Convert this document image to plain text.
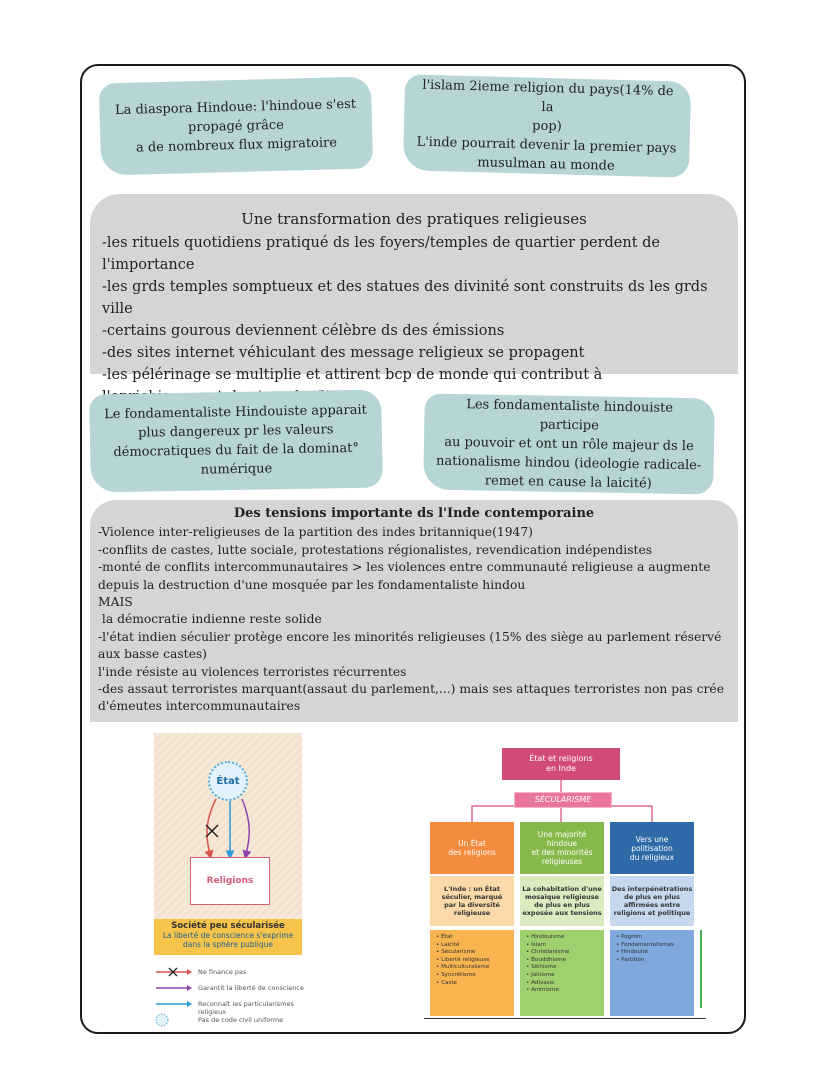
La diaspora Hindoue: l'hindoue s'est
propagé grâce
a de nombreux flux migratoire
l'islam 2ieme religion du pays(14% de la
pop)
L'inde pourrait devenir la premier pays
musulman au monde
Une transformation des pratiques religieuses
-les rituels quotidiens pratiqué ds les foyers/temples de quartier perdent de l'importance
-les grds temples somptueux et des statues des divinité sont construits ds les grds ville
-certains gourous deviennent célèbre ds des émissions
-des sites internet véhiculant des message religieux se propagent
-les pélérinage se multiplie et attirent bcp de monde qui contribut à
Le fondamentaliste Hindouiste apparait
plus dangereux pr les valeurs
démocratiques du fait de la dominat°
numérique
Les fondamentaliste hindouiste participe
au pouvoir et ont un rôle majeur ds le
nationalisme hindou (ideologie radicale-
remet en cause la laicité)
Des tensions importante ds l'Inde contemporaine
-Violence inter-religieuses de la partition des indes britannique(1947)
-conflits de castes, lutte sociale, protestations régionalistes, revendication indépendistes
-monté de conflits intercommunautaires > les violences entre communauté religieuse a augmente depuis la destruction d'une mosquée par les fondamentaliste hindou
MAIS
la démocratie indienne reste solide
-l'état indien séculier protège encore les minorités religieuses (15% des siège au parlement réservé aux basse castes)
l'inde résiste au violences terroristes récurrentes
-des assaut terroristes marquant(assaut du parlement,...) mais ses attaques terroristes non pas crée d'émeutes intercommunautaires
État
Religions
Société peu sécularisée
La liberté de conscience s'exprime
dans la sphère publique
Ne finance pas
Garantit la liberté de conscience
Reconnaît les particularismes religieux
Pas de code civil uniforme
État et religions
en Inde
SÉCULARISME
Un État
des religions
Une majorité
hindoue
et des minorités
religieuses
Vers une
politisation
du religieux
L'Inde : un État
séculier, marqué
par la diversité
religieuse
La cohabitation d'une
mosaïque religieuse
de plus en plus
exposée aux tensions
Des interpénétrations
de plus en plus
affirmées entre
religions et politique
• État
• Laïcité
• Sécularisme
• Liberté religieuse
• Multiculturalisme
• Syncrétisme
• Caste
• Hindouisme
• Islam
• Christianisme
• Bouddhisme
• Sikhisme
• Jaïnisme
• Adivasis
• Animisme
• Pogrom
• Fondamentalismes
• Hindouité
• Partition
